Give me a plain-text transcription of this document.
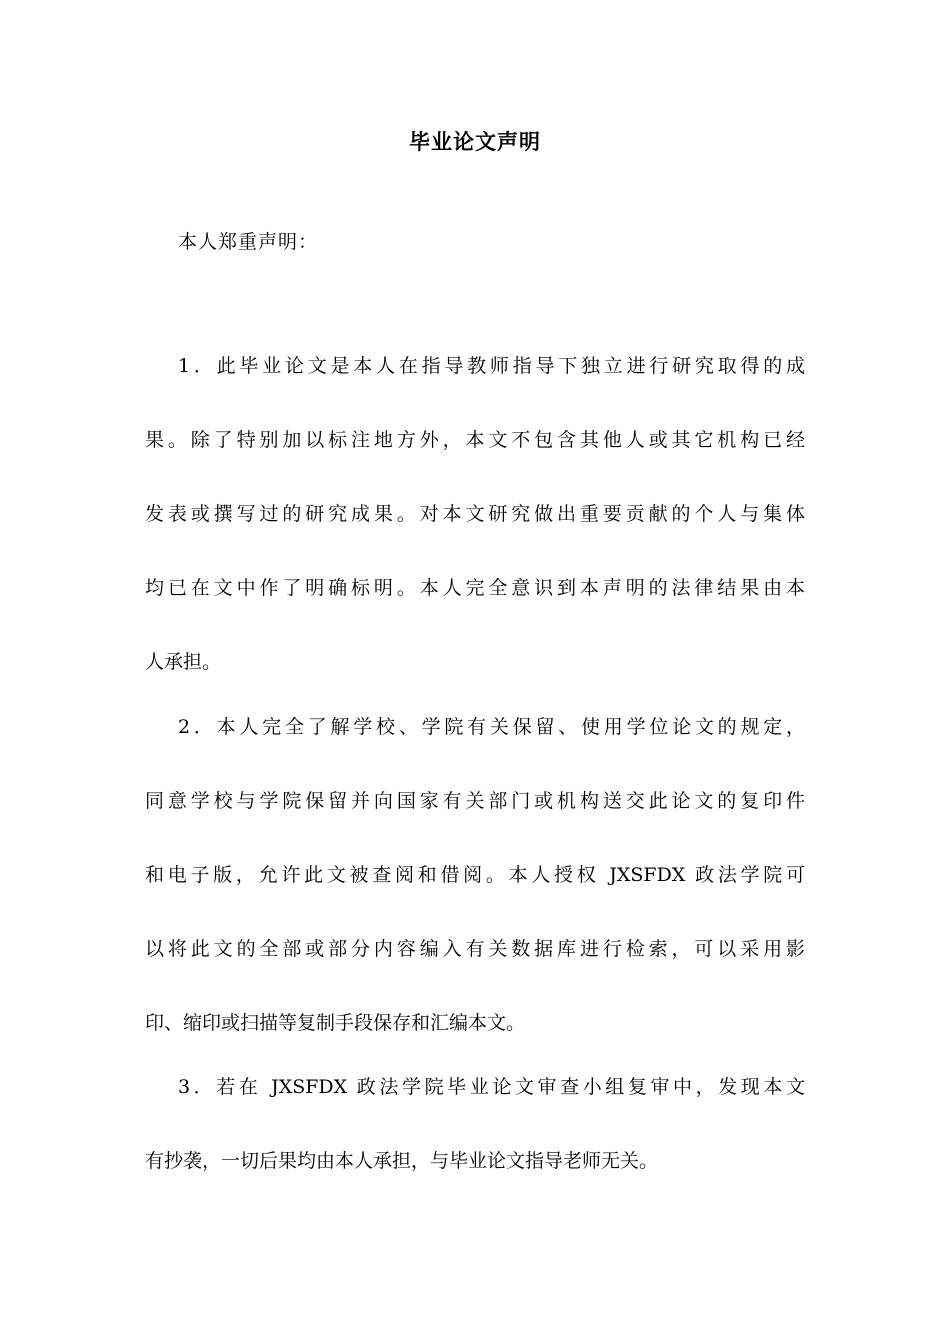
毕业论文声明
本人郑重声明：
1．此毕业论文是本人在指导教师指导下独立进行研究取得的成
果。除了特别加以标注地方外，本文不包含其他人或其它机构已经
发表或撰写过的研究成果。对本文研究做出重要贡献的个人与集体
均已在文中作了明确标明。本人完全意识到本声明的法律结果由本
人承担。
2．本人完全了解学校、学院有关保留、使用学位论文的规定，
同意学校与学院保留并向国家有关部门或机构送交此论文的复印件
和电子版，允许此文被查阅和借阅。本人授权 JXSFDX 政法学院可
以将此文的全部或部分内容编入有关数据库进行检索，可以采用影
印、缩印或扫描等复制手段保存和汇编本文。
3．若在 JXSFDX 政法学院毕业论文审查小组复审中，发现本文
有抄袭，一切后果均由本人承担，与毕业论文指导老师无关。
